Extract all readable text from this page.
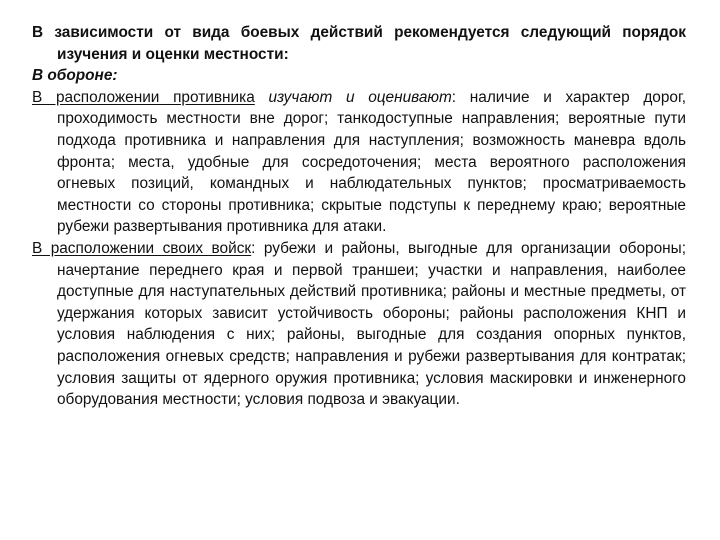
В зависимости от вида боевых действий рекомендуется следующий порядок изучения и оценки местности:

В обороне:

В расположении противника изучают и оценивают: наличие и характер дорог, проходимость местности вне дорог; танкодоступные направления; вероятные пути подхода противника и направления для наступления; возможность маневра вдоль фронта; места, удобные для сосредоточения; места вероятного расположения огневых позиций, командных и наблюдательных пунктов; просматриваемость местности со стороны противника; скрытые подступы к переднему краю; вероятные рубежи развертывания противника для атаки.

В расположении своих войск: рубежи и районы, выгодные для организации обороны; начертание переднего края и первой траншеи; участки и направления, наиболее доступные для наступательных действий противника; районы и местные предметы, от удержания которых зависит устойчивость обороны; районы расположения КНП и условия наблюдения с них; районы, выгодные для создания опорных пунктов, расположения огневых средств; направления и рубежи развертывания для контратак; условия защиты от ядерного оружия противника; условия маскировки и инженерного оборудования местности; условия подвоза и эвакуации.
